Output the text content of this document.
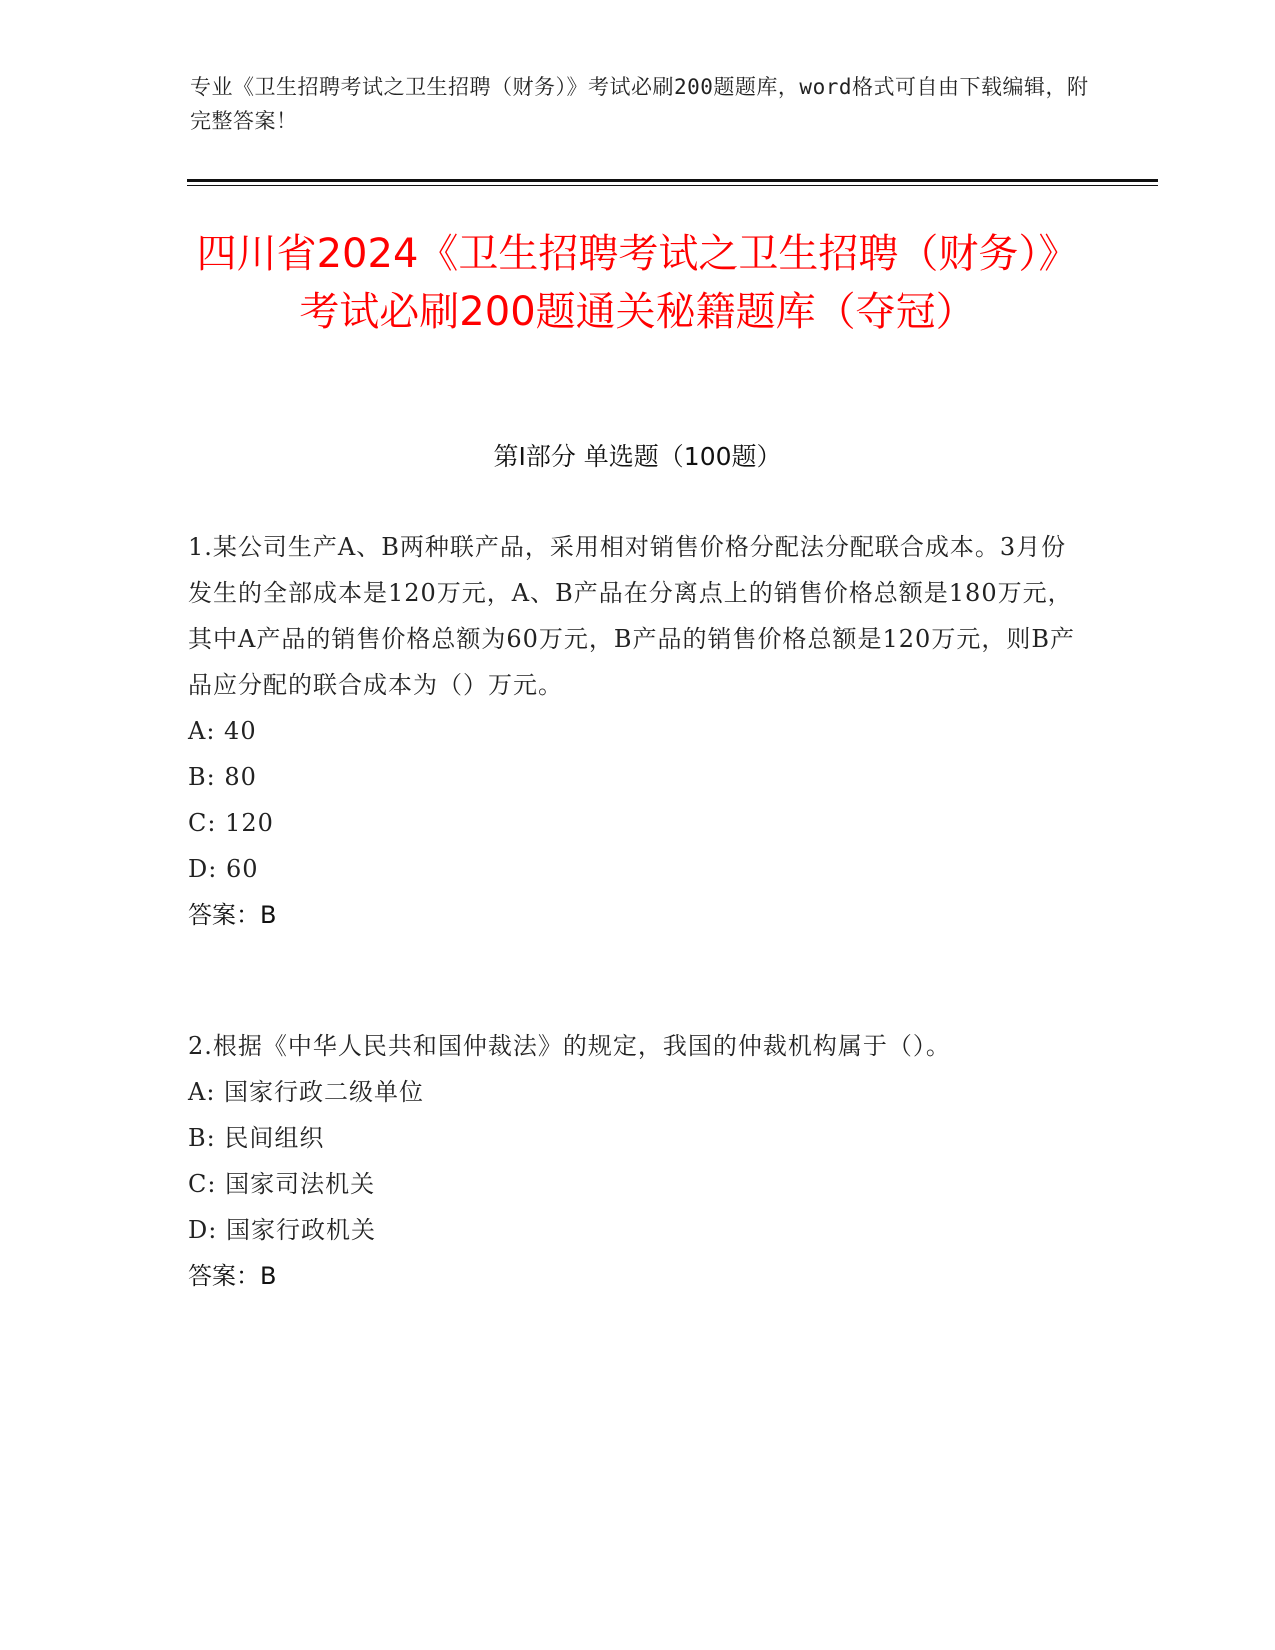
专业《卫生招聘考试之卫生招聘（财务）》考试必刷200题题库，word格式可自由下载编辑，附完整答案！
四川省2024《卫生招聘考试之卫生招聘（财务）》考试必刷200题通关秘籍题库（夺冠）
第I部分 单选题（100题）
1.某公司生产A、B两种联产品，采用相对销售价格分配法分配联合成本。3月份发生的全部成本是120万元，A、B产品在分离点上的销售价格总额是180万元，其中A产品的销售价格总额为60万元，B产品的销售价格总额是120万元，则B产品应分配的联合成本为（）万元。
A: 40
B: 80
C: 120
D: 60
答案：B
2.根据《中华人民共和国仲裁法》的规定，我国的仲裁机构属于（）。
A: 国家行政二级单位
B: 民间组织
C: 国家司法机关
D: 国家行政机关
答案：B
